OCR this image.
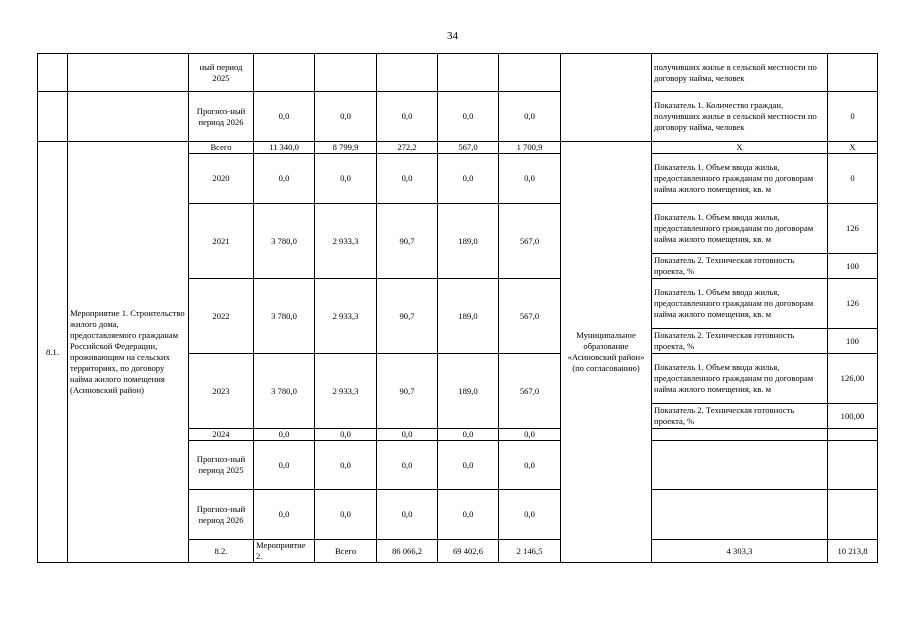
34
		ный период 2025							получивших жилье в сельской местности по договору найма, человек		
		Прогноз-ный период 2026	0,0	0,0	0,0	0,0	0,0		Показатель 1. Количество граждан, получивших жилье в сельской местности по договору найма, человек	0	
8.1.	Мероприятие 1. Строительство жилого дома, предоставляемого гражданам Российской Федерации, проживающим на сельских территориях, по договору найма жилого помещения (Асиновский район)	Всего	11 340,0	8 799,9	272,2	567,0	1 700,9	Муниципальное образование «Асиновский район» (по согласованию)	Х	Х	
		2020	0,0	0,0	0,0	0,0	0,0		Показатель 1. Объем ввода жилья, предоставленного гражданам по договорам найма жилого помещения, кв. м	0	
		2021	3 780,0	2 933,3	90,7	189,0	567,0		Показатель 1. Объем ввода жилья, предоставленного гражданам по договорам найма жилого помещения, кв. м	126	
									Показатель 2. Техническая готовность проекта, %	100	
		2022	3 780,0	2 933,3	90,7	189,0	567,0		Показатель 1. Объем ввода жилья, предоставленного гражданам по договорам найма жилого помещения, кв. м	126	
									Показатель 2. Техническая готовность проекта, %	100	
		2023	3 780,0	2 933,3	90,7	189,0	567,0		Показатель 1. Объем ввода жилья, предоставленного гражданам по договорам найма жилого помещения, кв. м	126,00	
									Показатель 2. Техническая готовность проекта, %	100,00	
		2024	0,0	0,0	0,0	0,0	0,0				
		Прогноз-ный период 2025	0,0	0,0	0,0	0,0	0,0				
		Прогноз-ный период 2026	0,0	0,0	0,0	0,0	0,0				
		8.2.	Мероприятие 2.	Всего	86 066,2	69 402,6	2 146,5		4 303,3	10 213,8			
